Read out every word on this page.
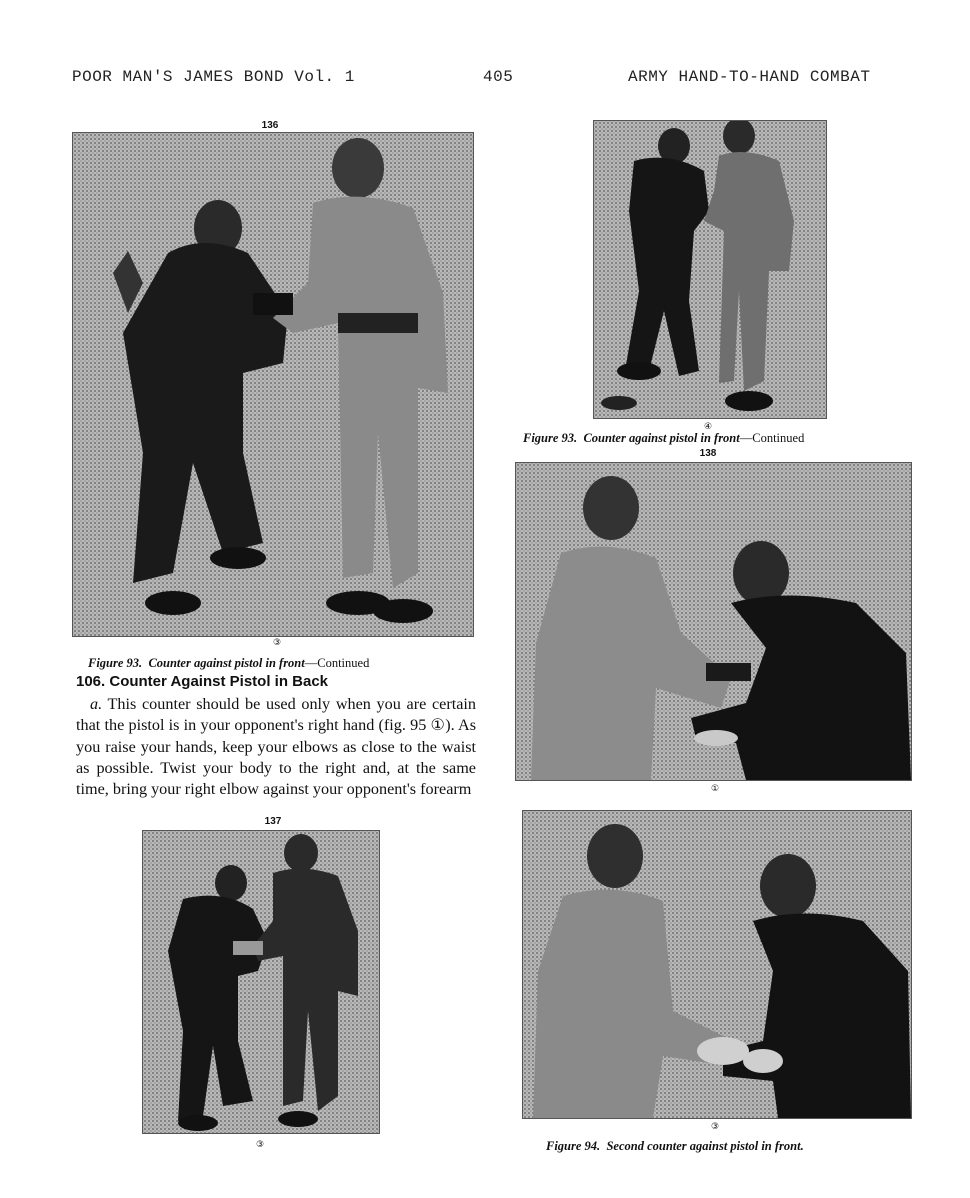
POOR MAN'S JAMES BOND Vol. 1	405	ARMY HAND-TO-HAND COMBAT
136
③
Figure 93. Counter against pistol in front—Continued
106. Counter Against Pistol in Back

a. This counter should be used only when you are certain that the pistol is in your opponent's right hand (fig. 95 ①). As you raise your hands, keep your elbows as close to the waist as possible. Twist your body to the right and, at the same time, bring your right elbow against your opponent's forearm

137
③
④
Figure 93. Counter against pistol in front—Continued
138
①
③
Figure 94. Second counter against pistol in front.
